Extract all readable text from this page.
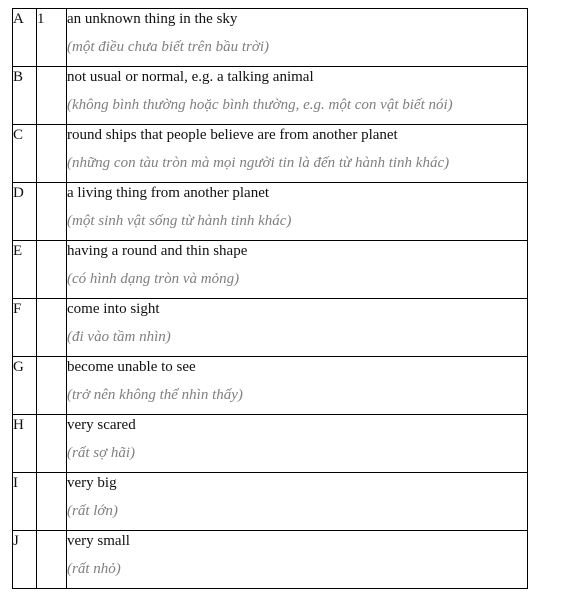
A	1	an unknown thing in the sky
(một điều chưa biết trên bầu trời)

B		not usual or normal, e.g. a talking animal
(không bình thường hoặc bình thường, e.g. một con vật biết nói)

C		round ships that people believe are from another planet
(những con tàu tròn mà mọi người tin là đến từ hành tinh khác)

D		a living thing from another planet
(một sinh vật sống từ hành tinh khác)

E		having a round and thin shape
(có hình dạng tròn và mỏng)

F		come into sight
(đi vào tầm nhìn)

G		become unable to see
(trở nên không thể nhìn thấy)

H		very scared
(rất sợ hãi)

I		very big
(rất lớn)

J		very small
(rất nhỏ)
